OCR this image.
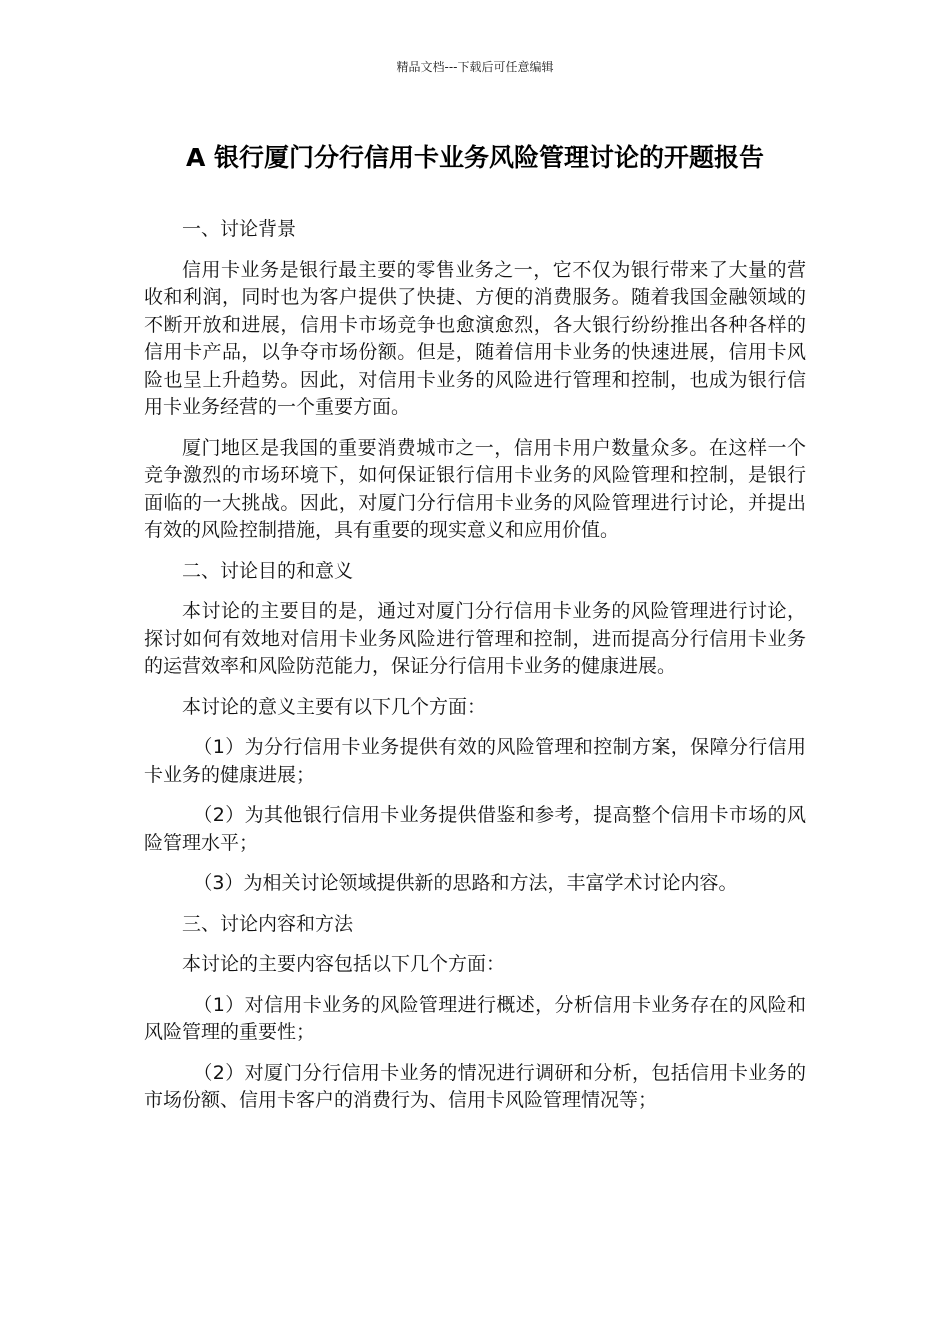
精品文档---下载后可任意编辑
A 银行厦门分行信用卡业务风险管理讨论的开题报告

一、讨论背景

信用卡业务是银行最主要的零售业务之一，它不仅为银行带来了大量的营收和利润，同时也为客户提供了快捷、方便的消费服务。随着我国金融领域的不断开放和进展，信用卡市场竞争也愈演愈烈，各大银行纷纷推出各种各样的信用卡产品，以争夺市场份额。但是，随着信用卡业务的快速进展，信用卡风险也呈上升趋势。因此，对信用卡业务的风险进行管理和控制，也成为银行信用卡业务经营的一个重要方面。

厦门地区是我国的重要消费城市之一，信用卡用户数量众多。在这样一个竞争激烈的市场环境下，如何保证银行信用卡业务的风险管理和控制，是银行面临的一大挑战。因此，对厦门分行信用卡业务的风险管理进行讨论，并提出有效的风险控制措施，具有重要的现实意义和应用价值。

二、讨论目的和意义

本讨论的主要目的是，通过对厦门分行信用卡业务的风险管理进行讨论，探讨如何有效地对信用卡业务风险进行管理和控制，进而提高分行信用卡业务的运营效率和风险防范能力，保证分行信用卡业务的健康进展。

本讨论的意义主要有以下几个方面：

（1）为分行信用卡业务提供有效的风险管理和控制方案，保障分行信用卡业务的健康进展；

（2）为其他银行信用卡业务提供借鉴和参考，提高整个信用卡市场的风险管理水平；

（3）为相关讨论领域提供新的思路和方法，丰富学术讨论内容。

三、讨论内容和方法

本讨论的主要内容包括以下几个方面：

（1）对信用卡业务的风险管理进行概述，分析信用卡业务存在的风险和风险管理的重要性；

（2）对厦门分行信用卡业务的情况进行调研和分析，包括信用卡业务的市场份额、信用卡客户的消费行为、信用卡风险管理情况等；
